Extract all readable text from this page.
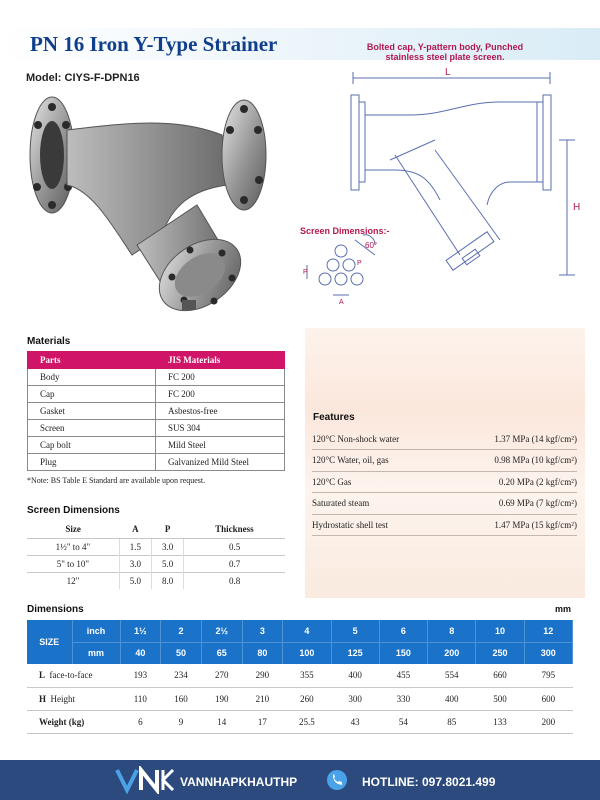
PN 16 Iron Y-Type Strainer
Model: CIYS-F-DPN16	L
H
60°
P
P
A
Bolted cap, Y-pattern body, Punched
stainless steel plate screen.
Screen Dimensions:-
Materials
Parts	JIS Materials
Body	FC 200
Cap	FC 200
Gasket	Asbestos-free
Screen	SUS 304
Cap bolt	Mild Steel
Plug	Galvanized Mild Steel
*Note: BS Table E Standard are available upon request.
Screen Dimensions
Size	A	P	Thickness
1½" to 4"	1.5	3.0	0.5
5" to 10"	3.0	5.0	0.7
12"	5.0	8.0	0.8
Features
120°C Non-shock water	1.37 MPa (14 kgf/cm²)
120°C Water, oil, gas	0.98 MPa (10 kgf/cm²)
120°C Gas	0.20 MPa (2 kgf/cm²)
Saturated steam	0.69 MPa (7 kgf/cm²)
Hydrostatic shell test	1.47 MPa (15 kgf/cm²)
Dimensions	mm
SIZE	inch	1½	2	2½	3	4	5	6	8	10	12
	mm	40	50	65	80	100	125	150	200	250	300
L face-to-face		193	234	270	290	355	400	455	554	660	795
H Height		110	160	190	210	260	300	330	400	500	600
Weight (kg)		6	9	14	17	25.5	43	54	85	133	200
VANNHAPKHAUTHP	HOTLINE: 097.8021.499
